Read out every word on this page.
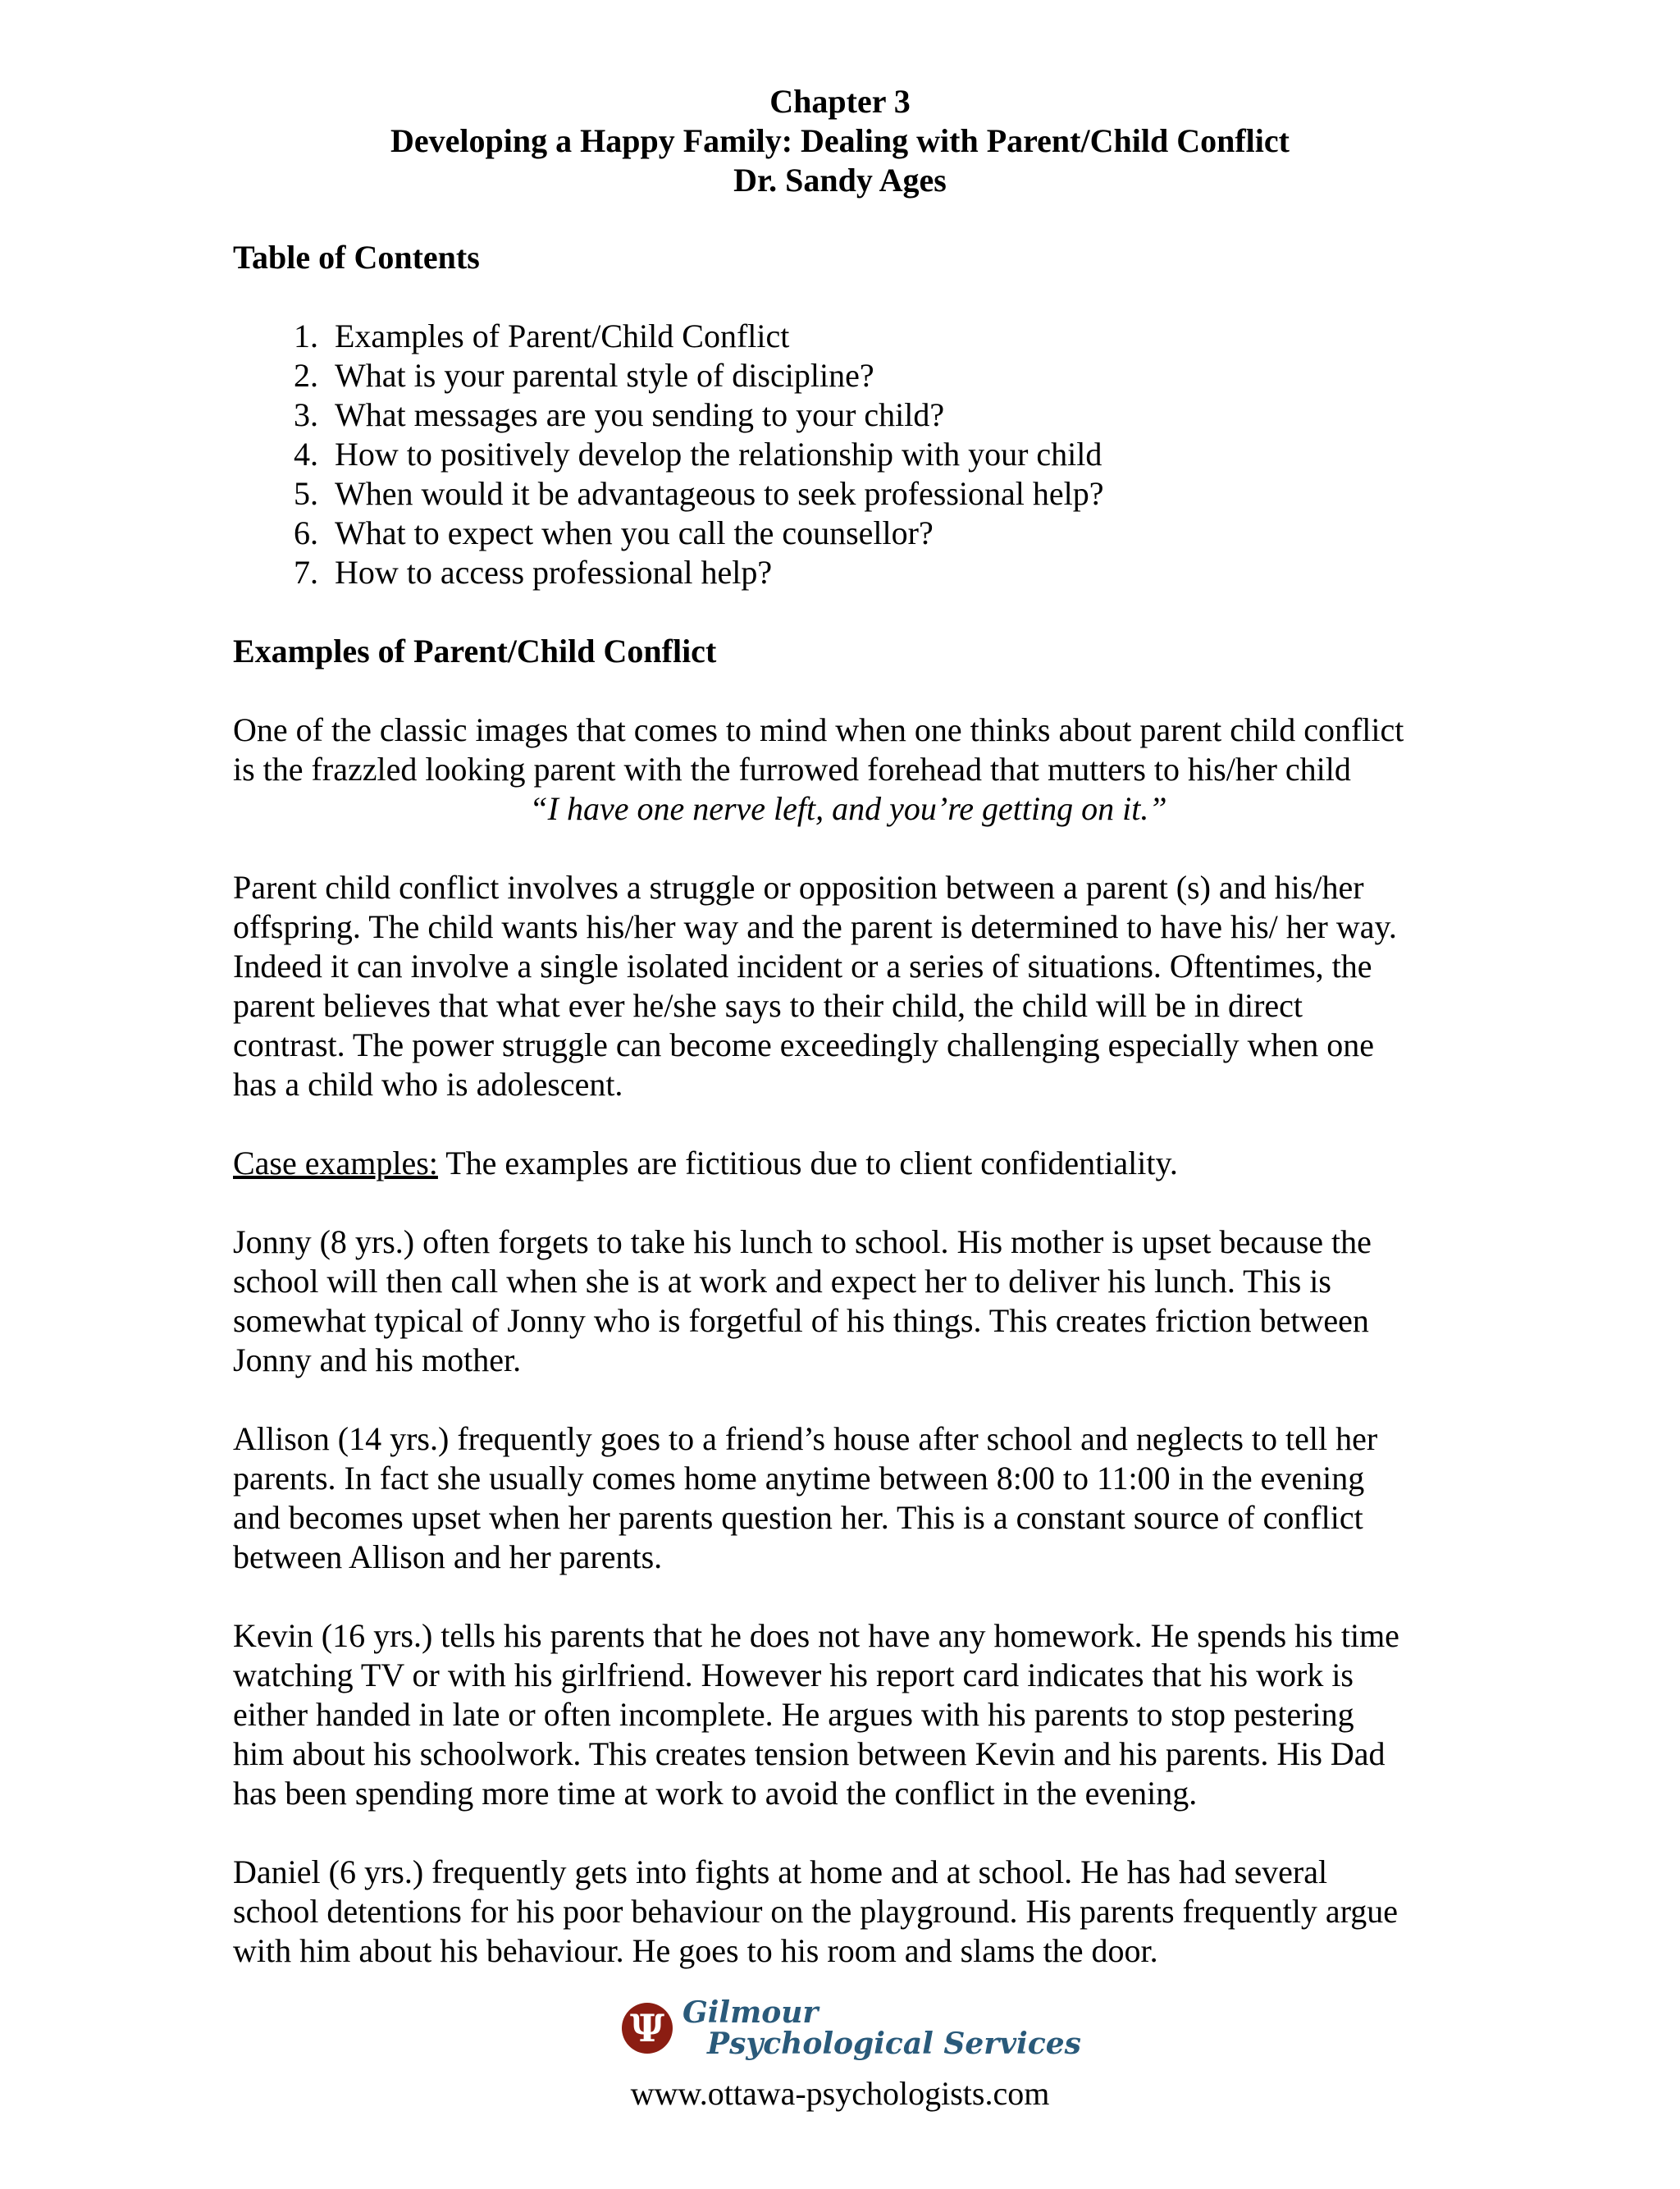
Chapter 3
Developing a Happy Family: Dealing with Parent/Child Conflict
Dr. Sandy Ages
Table of Contents
1. Examples of Parent/Child Conflict
2. What is your parental style of discipline?
3. What messages are you sending to your child?
4. How to positively develop the relationship with your child
5. When would it be advantageous to seek professional help?
6. What to expect when you call the counsellor?
7. How to access professional help?
Examples of Parent/Child Conflict
One of the classic images that comes to mind when one thinks about parent child conflict
is the frazzled looking parent with the furrowed forehead that mutters to his/her child
“I have one nerve left, and you’re getting on it.”
Parent child conflict involves a struggle or opposition between a parent (s) and his/her
offspring. The child wants his/her way and the parent is determined to have his/ her way.
Indeed it can involve a single isolated incident or a series of situations. Oftentimes, the
parent believes that what ever he/she says to their child, the child will be in direct
contrast. The power struggle can become exceedingly challenging especially when one
has a child who is adolescent.
Case examples: The examples are fictitious due to client confidentiality.
Jonny (8 yrs.) often forgets to take his lunch to school. His mother is upset because the
school will then call when she is at work and expect her to deliver his lunch. This is
somewhat typical of Jonny who is forgetful of his things. This creates friction between
Jonny and his mother.
Allison (14 yrs.) frequently goes to a friend’s house after school and neglects to tell her
parents. In fact she usually comes home anytime between 8:00 to 11:00 in the evening
and becomes upset when her parents question her. This is a constant source of conflict
between Allison and her parents.
Kevin (16 yrs.) tells his parents that he does not have any homework. He spends his time
watching TV or with his girlfriend. However his report card indicates that his work is
either handed in late or often incomplete. He argues with his parents to stop pestering
him about his schoolwork. This creates tension between Kevin and his parents. His Dad
has been spending more time at work to avoid the conflict in the evening.
Daniel (6 yrs.) frequently gets into fights at home and at school. He has had several
school detentions for his poor behaviour on the playground. His parents frequently argue
with him about his behaviour. He goes to his room and slams the door.
Ψ Gilmour
Psychological Services
www.ottawa-psychologists.com
